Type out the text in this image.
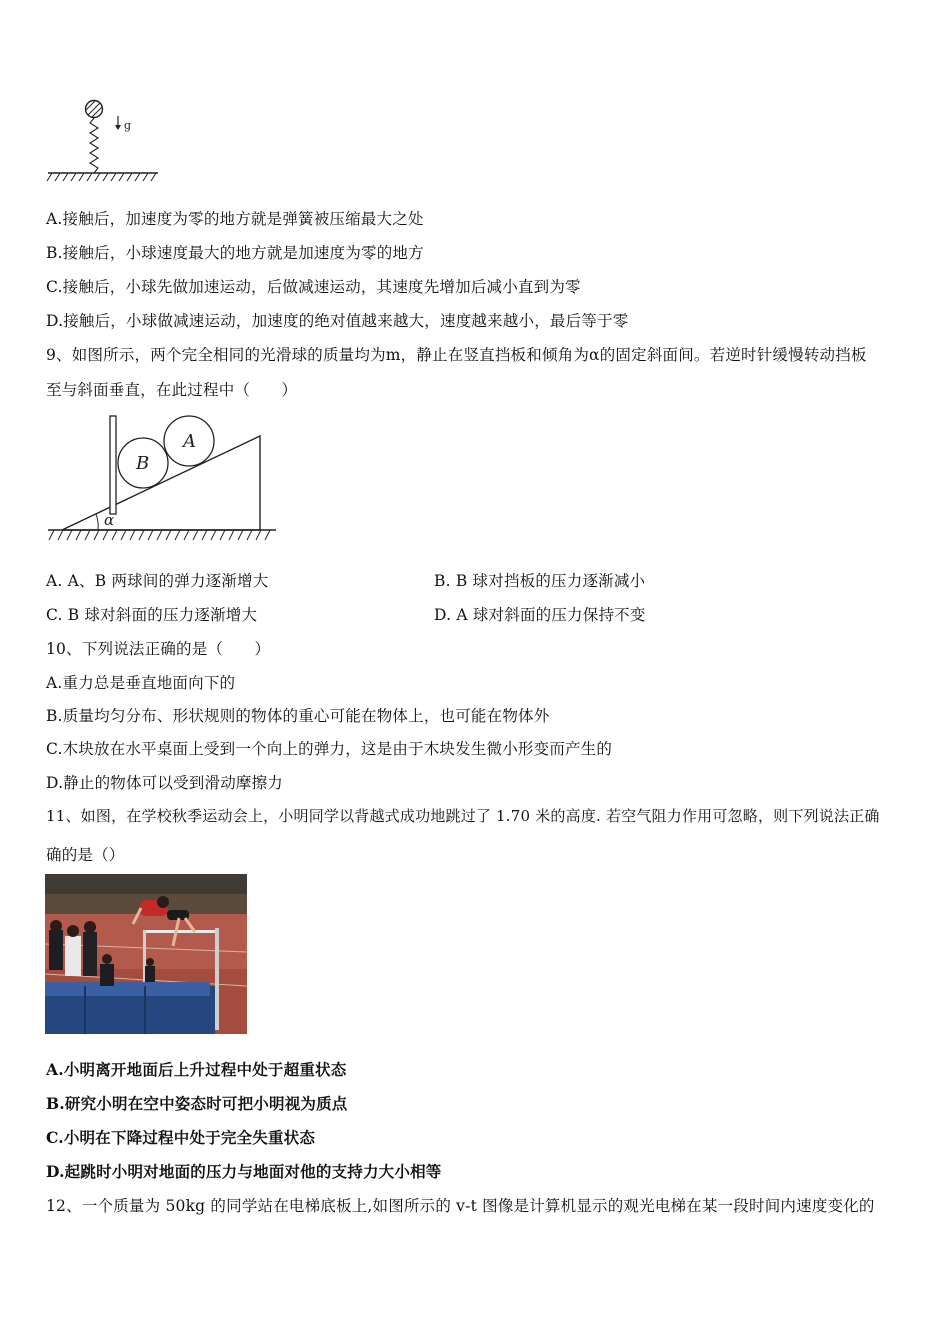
g
A.接触后，加速度为零的地方就是弹簧被压缩最大之处
B.接触后，小球速度最大的地方就是加速度为零的地方
C.接触后，小球先做加速运动，后做减速运动，其速度先增加后减小直到为零
D.接触后，小球做减速运动，加速度的绝对值越来越大，速度越来越小，最后等于零
9、如图所示，两个完全相同的光滑球的质量均为m，静止在竖直挡板和倾角为α的固定斜面间。若逆时针缓慢转动挡板
至与斜面垂直，在此过程中（　　）
B
A
α
A. A、B 两球间的弹力逐渐增大	B. B 球对挡板的压力逐渐减小
C. B 球对斜面的压力逐渐增大	D. A 球对斜面的压力保持不变
10、下列说法正确的是（　　）
A.重力总是垂直地面向下的
B.质量均匀分布、形状规则的物体的重心可能在物体上，也可能在物体外
C.木块放在水平桌面上受到一个向上的弹力，这是由于木块发生微小形变而产生的
D.静止的物体可以受到滑动摩擦力
11、如图，在学校秋季运动会上，小明同学以背越式成功地跳过了 1.70 米的高度. 若空气阻力作用可忽略，则下列说法正确
确的是（）
A.小明离开地面后上升过程中处于超重状态
B.研究小明在空中姿态时可把小明视为质点
C.小明在下降过程中处于完全失重状态
D.起跳时小明对地面的压力与地面对他的支持力大小相等
12、一个质量为 50kg 的同学站在电梯底板上,如图所示的 v-t 图像是计算机显示的观光电梯在某一段时间内速度变化的
